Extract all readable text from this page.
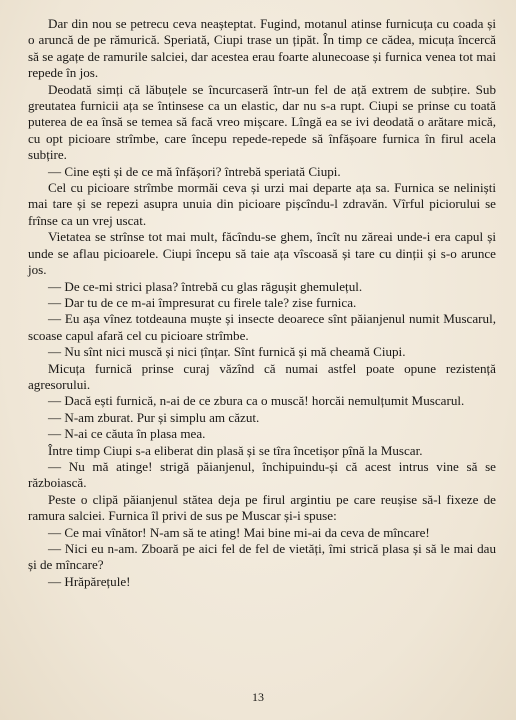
Dar din nou se petrecu ceva neașteptat. Fugind, motanul atinse furnicuța cu coada și o aruncă de pe rămurică. Speriată, Ciupi trase un țipăt. În timp ce cădea, micuța încercă să se agațe de ramurile salciei, dar acestea erau foarte alunecoase și furnica venea tot mai repede în jos.

Deodată simți că lăbuțele se încurcaseră într-un fel de ață extrem de subțire. Sub greutatea furnicii ața se întinsese ca un elastic, dar nu s-a rupt. Ciupi se prinse cu toată puterea de ea însă se temea să facă vreo mișcare. Lîngă ea se ivi deodată o arătare mică, cu opt picioare strîmbe, care începu repede-repede să înfășoare furnica în firul acela subțire.

— Cine ești și de ce mă înfășori? întrebă speriată Ciupi.

Cel cu picioare strîmbe mormăi ceva și urzi mai departe ața sa. Furnica se neliniști mai tare și se repezi asupra unuia din picioare pișcîndu-l zdravăn. Vîrful piciorului se frînse ca un vrej uscat.

Vietatea se strînse tot mai mult, făcîndu-se ghem, încît nu zăreai unde-i era capul și unde se aflau picioarele. Ciupi începu să taie ața vîscoasă și tare cu dinții și s-o arunce jos.

— De ce-mi strici plasa? întrebă cu glas răgușit ghemulețul.

— Dar tu de ce m-ai împresurat cu firele tale? zise furnica.

— Eu așa vînez totdeauna muște și insecte deoarece sînt păianjenul numit Muscarul, scoase capul afară cel cu picioare strîmbe.

— Nu sînt nici muscă și nici țînțar. Sînt furnică și mă cheamă Ciupi.

Micuța furnică prinse curaj văzînd că numai astfel poate opune rezistență agresorului.

— Dacă ești furnică, n-ai de ce zbura ca o muscă! horcăi nemulțumit Muscarul.

— N-am zburat. Pur și simplu am căzut.

— N-ai ce căuta în plasa mea.

Între timp Ciupi s-a eliberat din plasă și se tîra încetișor pînă la Muscar.

— Nu mă atinge! strigă păianjenul, închipuindu-și că acest intrus vine să se războiască.

Peste o clipă păianjenul stătea deja pe firul argintiu pe care reușise să-l fixeze de ramura salciei. Furnica îl privi de sus pe Muscar și-i spuse:

— Ce mai vînător! N-am să te ating! Mai bine mi-ai da ceva de mîncare!

— Nici eu n-am. Zboară pe aici fel de fel de vietăți, îmi strică plasa și să le mai dau și de mîncare?

— Hrăpărețule!

13
